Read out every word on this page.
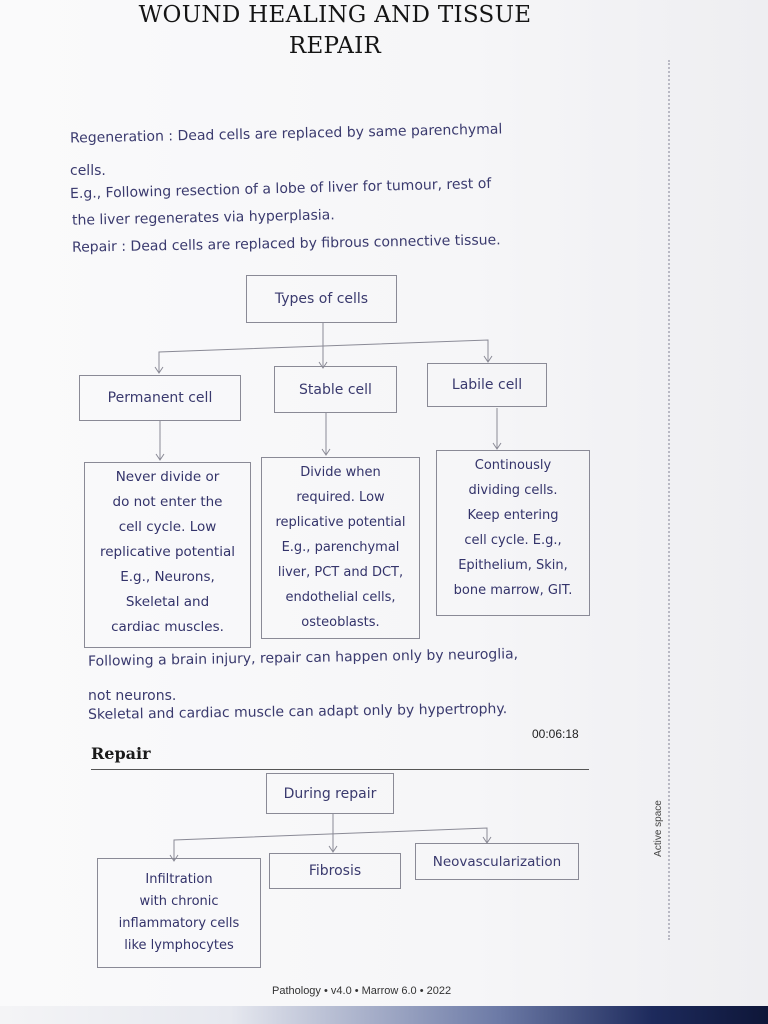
WOUND HEALING AND TISSUE
REPAIR
Regeneration : Dead cells are replaced by same parenchymal
cells.
E.g., Following resection of a lobe of liver for tumour, rest of
the liver regenerates via hyperplasia.
Repair : Dead cells are replaced by fibrous connective tissue.
Types of cells
Permanent cell
Stable cell	Labile cell
Never divide or
do not enter the
cell cycle. Low
replicative potential
E.g., Neurons,
Skeletal and
cardiac muscles.
Divide when
required. Low
replicative potential
E.g., parenchymal
liver, PCT and DCT,
endothelial cells,
osteoblasts.
Continously
dividing cells.
Keep entering
cell cycle. E.g.,
Epithelium, Skin,
bone marrow, GIT.
Following a brain injury, repair can happen only by neuroglia,
not neurons.
Skeletal and cardiac muscle can adapt only by hypertrophy.
00:06:18
Repair
During repair
Infiltration
with chronic
inflammatory cells
like lymphocytes
Fibrosis
Neovascularization
Active space
Pathology • v4.0 • Marrow 6.0 • 2022
